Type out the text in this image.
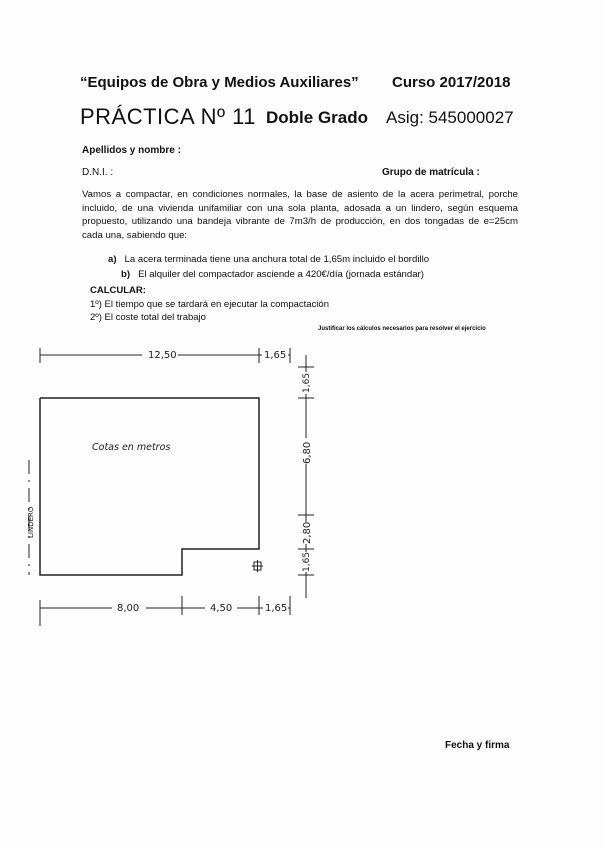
“Equipos de Obra y Medios Auxiliares” Curso 2017/2018
PRÁCTICA Nº 11 Doble Grado Asig: 545000027
Apellidos y nombre :
D.N.I. :	Grupo de matrícula :
Vamos a compactar, en condiciones normales, la base de asiento de la acera perimetral, porche incluido, de una vivienda unifamiliar con una sola planta, adosada a un lindero, según esquema propuesto, utilizando una bandeja vibrante de 7m3/h de producción, en dos tongadas de e=25cm cada una, sabiendo que:
a) La acera terminada tiene una anchura total de 1,65m incluido el bordillo
b) El alquiler del compactador asciende a 420€/día (jornada estándar)
CALCULAR:
1º) El tiempo que se tardará en ejecutar la compactación
2º) El coste total del trabajo
Justificar los cálculos necesarios para resolver el ejercicio
12,50	1,65
8,00	4,50	1,65
1,65
6,80
2,80
1,65
Cotas en metros
LINDERO
Fecha y firma
